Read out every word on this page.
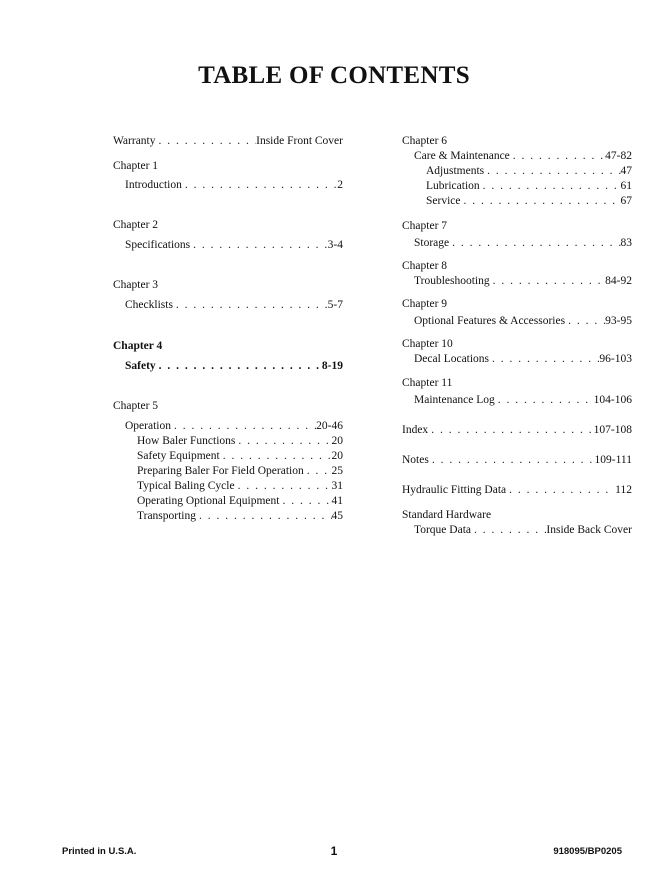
TABLE OF CONTENTS
Warranty . . .	Inside Front Cover
Chapter 1
Introduction . . .	2
Chapter 2
Specifications . . .	3-4
Chapter 3
Checklists . . .	5-7
Chapter 4
Safety . . .	8-19
Chapter 5
Operation . . .	20-46
How Baler Functions . . .	20
Safety Equipment . . .	20
Preparing Baler For Field Operation . . . 25
Typical Baling Cycle . . .	31
Operating Optional Equipment . . .	41
Transporting . . .	45
Chapter 6
Care & Maintenance . . .	47-82
Adjustments . . .	47
Lubrication . . .	61
Service . . .	67
Chapter 7
Storage . . .	83
Chapter 8
Troubleshooting . . .	84-92
Chapter 9
Optional Features & Accessories . . .	93-95
Chapter 10
Decal Locations . . .	96-103
Chapter 11
Maintenance Log . . .	104-106
Index . . .	107-108
Notes . . .	109-111
Hydraulic Fitting Data . . .	112
Standard Hardware
Torque Data . . .	Inside Back Cover
Printed in U.S.A.	1	918095/BP0205
